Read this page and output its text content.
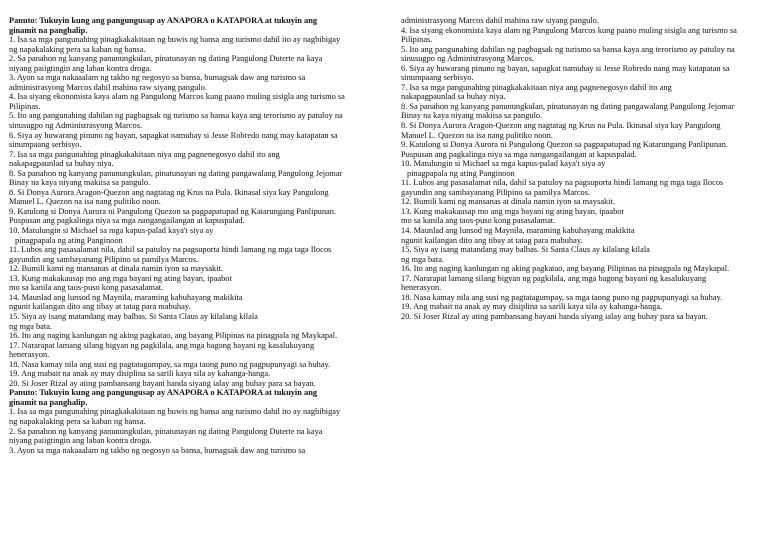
Panuto: Tukuyin kung ang pangungusap ay ANAPORA o KATAPORA at tukuyin ang

ginamit na panghalip.

1. Isa sa mga pangunahing pinagkakakitaan ng buwis ng bansa ang turismo dahil ito ay nagbibigay

ng napakalaking pera sa kaban ng bansa.

2. Sa panahon ng kanyang panunungkulan, pinatunayan ng dating Pangulong Duterte na kaya

niyang paiigtingin ang laban kontra droga.

3. Ayon sa mga nakaaalam ng takbo ng negosyo sa bansa, bumagsak daw ang turismo sa

administrasyong Marcos dahil mahina raw siyang pangulo.

4. Isa siyang ekonomista kaya alam ng Pangulong Marcos kung paano muling sisigla ang turismo sa

Pilipinas.

5. Ito ang pangunahing dahilan ng pagbagsak ng turismo sa bansa kaya ang terorismo ay patuloy na

sinusugpo ng Administrasyong Marcos.

6. Siya ay huwarang pinuno ng bayan, sapagkat namuhay si Jesse Robredo nang may katapatan sa

sinumpaang serbisyo.

7. Isa sa mga pangunahing pinagkakakitaan niya ang pagnenegosyo dahil ito ang

nakapagpaunlad sa buhay niya.

8. Sa panahon ng kanyang panunungkulan, pinatunayan ng dating pangawalang Pangulong Jejomar

Binay na kaya niyang makiisa sa pangulo.

8. Si Donya Aurora Aragon-Quezon ang nagtatag ng Krus na Pula. Ikinasal siya kay Pangulong

Manuel L. Quezon na isa nang pulitiko noon.

9. Katulong si Donya Aurora ni Pangulong Quezon sa pagpapatupad ng Katarungang Panlipunan.

Puspusan ang pagkalinga niya sa mga nangangailangan at kapuspalad.

10. Matulungin si Michael sa mga kapus-palad kaya't siya ay

pinagpapala ng ating Panginoon

11. Lubos ang pasasalamat nila, dahil sa patuloy na pagsuporta hindi lamang ng mga taga Ilocos

gayundin ang sambayanang Pilipino sa pamilya Marcos.

12. Bumili kami ng mansanas at dinala namin iyon sa maysakit.

13. Kung makakausap mo ang mga bayani ng ating bayan, ipaabot

mo sa kanila ang taos-puso kong pasasalamat.

14. Maunlad ang lunsod ng Maynila, maraming kabuhayang makikita

ngunit kailangan dito ang tibay at tatag para mabuhay.

15. Siya ay isang matandang may balbas. Si Santa Claus ay kilalang kilala

ng mga bata.

16. Ito ang naging kanlungan ng aking pagkatao, ang bayang Pilipinas na pinagpala ng Maykapal.

17. Nararapat lamang silang bigyan ng pagkilala, ang mga bagong bayani ng kasalukuyang

henerasyon.

18. Nasa kamay nila ang susi ng pagtatagumpay, sa mga taong puno ng pagpupunyagi sa buhay.

19. Ang mabait na anak ay may disiplina sa sarili kaya sila ay kahanga-hanga.

20. Si Joser Rizal ay ating pambansang bayani handa siyang ialay ang buhay para sa bayan.

Panuto: Tukuyin kung ang pangungusap ay ANAPORA o KATAPORA at tukuyin ang

ginamit na panghalip.

1. Isa sa mga pangunahing pinagkakakitaan ng buwis ng bansa ang turismo dahil ito ay nagbibigay

ng napakalaking pera sa kaban ng bansa.

2. Sa panahon ng kanyang panunungkulan, pinatunayan ng dating Pangulong Duterte na kaya

niyang paiigtingin ang laban kontra droga.

3. Ayon sa mga nakaaalam ng takbo ng negosyo sa bansa, bumagsak daw ang turismo sa

administrasyong Marcos dahil mahina raw siyang pangulo.

4. Isa siyang ekonomista kaya alam ng Pangulong Marcos kung paano muling sisigla ang turismo sa

Pilipinas.

5. Ito ang pangunahing dahilan ng pagbagsak ng turismo sa bansa kaya ang terorismo ay patuloy na

sinusugpo ng Administrasyong Marcos.

6. Siya ay huwarang pinuno ng bayan, sapagkat namuhay si Jesse Robredo nang may katapatan sa

sinumpaang serbisyo.

7. Isa sa mga pangunahing pinagkakakitaan niya ang pagnenegosyo dahil ito ang

nakapagpaunlad sa buhay niya.

8. Sa panahon ng kanyang panunungkulan, pinatunayan ng dating pangawalang Pangulong Jejomar

Binay na kaya niyang makiisa sa pangulo.

8. Si Donya Aurora Aragon-Quezon ang nagtatag ng Krus na Pula. Ikinasal siya kay Pangulong

Manuel L. Quezon na isa nang pulitiko noon.

9. Katulong si Donya Aurora ni Pangulong Quezon sa pagpapatupad ng Katarungang Panlipunan.

Puspusan ang pagkalinga niya sa mga nangangailangan at kapuspalad.

10. Matulungin si Michael sa mga kapus-palad kaya't siya ay

pinagpapala ng ating Panginoon

11. Lubos ang pasasalamat nila, dahil sa patuloy na pagsuporta hindi lamang ng mga taga Ilocos

gayundin ang sambayanang Pilipino sa pamilya Marcos.

12. Bumili kami ng mansanas at dinala namin iyon sa maysakit.

13. Kung makakausap mo ang mga bayani ng ating bayan, ipaabot

mo sa kanila ang taos-puso kong pasasalamat.

14. Maunlad ang lunsod ng Maynila, maraming kabuhayang makikita

ngunit kailangan dito ang tibay at tatag para mabuhay.

15. Siya ay isang matandang may balbas. Si Santa Claus ay kilalang kilala

ng mga bata.

16. Ito ang naging kanlungan ng aking pagkatao, ang bayang Pilipinas na pinagpala ng Maykapal.

17. Nararapat lamang silang bigyan ng pagkilala, ang mga bagong bayani ng kasalukuyang

henerasyon.

18. Nasa kamay nila ang susi ng pagtatagumpay, sa mga taong puno ng pagpupunyagi sa buhay.

19. Ang mabait na anak ay may disiplina sa sarili kaya sila ay kahanga-hanga.

20. Si Joser Rizal ay ating pambansang bayani handa siyang ialay ang buhay para sa bayan.
